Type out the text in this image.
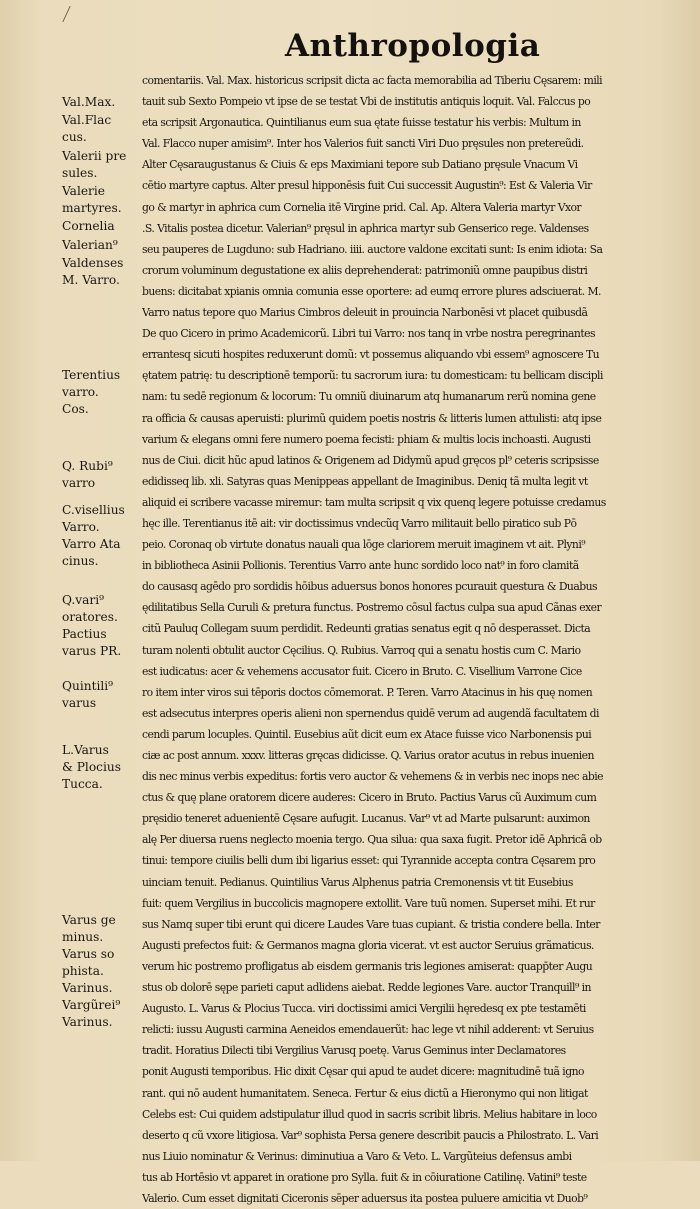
Anthropologia
Val.Max.
Val.Flac
cus.
Valerii pre
sules.
Valerie
martyres.
Cornelia
Valerian⁹
Valdenses
M. Varro.
Terentius
varro.
Cos.
Q. Rubi⁹
varro
C.visellius
Varro.
Varro Ata
cinus.
Q.vari⁹
oratores.
Pactius
varus PR.
Quintili⁹
varus
L.Varus
& Plocius
Tucca.
Varus ge
minus.
Varus so
phista.
Varinus.
Vargũrei⁹
Varinus.
comentariis. Val. Max. historicus scripsit dicta ac facta memorabilia ad Tiberiu Cęsarem: mili
tauit sub Sexto Pompeio vt ipse de se testat Vbi de institutis antiquis loquit. Val. Falccus po
eta scripsit Argonautica. Quintilianus eum sua ętate fuisse testatur his verbis: Multum in
Val. Flacco nuper amisim⁹. Inter hos Valerios fuit sancti Viri Duo pręsules non pretereũdi.
Alter Cęsaraugustanus & Ciuis & eps Maximiani tepore sub Datiano pręsule Vnacum Vi
cētio martyre captus. Alter presul hipponēsis fuit Cui successit Augustin⁹: Est & Valeria Vir
go & martyr in aphrica cum Cornelia itē Virgine prid. Cal. Ap. Altera Valeria martyr Vxor
.S. Vitalis postea dicetur. Valerian⁹ pręsul in aphrica martyr sub Genserico rege. Valdenses
seu pauperes de Lugduno: sub Hadriano. iiii. auctore valdone excitati sunt: Is enim idiota: Sa
crorum voluminum degustatione ex aliis deprehenderat: patrimoniũ omne paupibus distri
buens: dicitabat xpianis omnia comunia esse oportere: ad eumq errore plures adsciuerat. M.
Varro natus tepore quo Marius Cimbros deleuit in prouincia Narbonēsi vt placet quibusdã
De quo Cicero in primo Academicorũ. Libri tui Varro: nos tanq in vrbe nostra peregrinantes
errantesq sicuti hospites reduxerunt domũ: vt possemus aliquando vbi essem⁹ agnoscere Tu
ętatem patrię: tu descriptionē temporũ: tu sacrorum iura: tu domesticam: tu bellicam discipli
nam: tu sedē regionum & locorum: Tu omniũ diuinarum atq humanarum rerũ nomina gene
ra officia & causas aperuisti: plurimũ quidem poetis nostris & litteris lumen attulisti: atq ipse
varium & elegans omni fere numero poema fecisti: phiam & multis locis inchoasti. Augusti
nus de Ciui. dicit hũc apud latinos & Origenem ad Didymũ apud gręcos pl⁹ ceteris scripsisse
edidisseq lib. xli. Satyras quas Menippeas appellant de Imaginibus. Deniq tã multa legit vt
aliquid ei scribere vacasse miremur: tam multa scripsit q vix quenq legere potuisse credamus
hęc ille. Terentianus itē ait: vir doctissimus vndecũq Varro militauit bello piratico sub Pō
peio. Coronaq ob virtute donatus nauali qua lōge clariorem meruit imaginem vt ait. Plyni⁹
in bibliotheca Asinii Pollionis. Terentius Varro ante hunc sordido loco nat⁹ in foro clamitã
do causasq agēdo pro sordidis hōibus aduersus bonos honores pcurauit questura & Duabus
ędilitatibus Sella Curuli & pretura functus. Postremo cōsul factus culpa sua apud Cãnas exer
citũ Pauluq Collegam suum perdidit. Redeunti gratias senatus egit q nō desperasset. Dicta
turam nolenti obtulit auctor Cęcilius. Q. Rubius. Varroq qui a senatu hostis cum C. Mario
est iudicatus: acer & vehemens accusator fuit. Cicero in Bruto. C. Visellium Varrone Cice
ro item inter viros sui tēporis doctos cōmemorat. P. Teren. Varro Atacinus in his quę nomen
est adsecutus interpres operis alieni non spernendus quidē verum ad augendã facultatem di
cendi parum locuples. Quintil. Eusebius aũt dicit eum ex Atace fuisse vico Narbonensis pui
ciæ ac post annum. xxxv. litteras gręcas didicisse. Q. Varius orator acutus in rebus inuenien
dis nec minus verbis expeditus: fortis vero auctor & vehemens & in verbis nec inops nec abie
ctus & quę plane oratorem dicere auderes: Cicero in Bruto. Pactius Varus cũ Auximum cum
pręsidio teneret aduenientē Cęsare aufugit. Lucanus. Var⁹ vt ad Marte pulsarunt: auximon
alę Per diuersa ruens neglecto moenia tergo. Qua silua: qua saxa fugit. Pretor idē Aphricã ob
tinui: tempore ciuilis belli dum ibi ligarius esset: qui Tyrannide accepta contra Cęsarem pro
uinciam tenuit. Pedianus. Quintilius Varus Alphenus patria Cremonensis vt tit Eusebius
fuit: quem Vergilius in buccolicis magnopere extollit. Vare tuũ nomen. Superset mihi. Et rur
sus Namq super tibi erunt qui dicere Laudes Vare tuas cupiant. & tristia condere bella. Inter
Augusti prefectos fuit: & Germanos magna gloria vicerat. vt est auctor Seruius grãmaticus.
verum hic postremo profligatus ab eisdem germanis tris legiones amiserat: quapp̄ter Augu
stus ob dolorē sępe parieti caput adlidens aiebat. Redde legiones Vare. auctor Tranquill⁹ in
Augusto. L. Varus & Plocius Tucca. viri doctissimi amici Vergilii hęredesq ex pte testamēti
relicti: iussu Augusti carmina Aeneidos emendauerũt: hac lege vt nihil adderent: vt Seruius
tradit. Horatius Dilecti tibi Vergilius Varusq poetę. Varus Geminus inter Declamatores
ponit Augusti temporibus. Hic dixit Cęsar qui apud te audet dicere: magnitudinē tuã igno
rant. qui nō audent humanitatem. Seneca. Fertur & eius dictũ a Hieronymo qui non litigat
Celebs est: Cui quidem adstipulatur illud quod in sacris scribit libris. Melius habitare in loco
deserto q cũ vxore litigiosa. Var⁹ sophista Persa genere describit paucis a Philostrato. L. Vari
nus Liuio nominatur & Verinus: diminutiua a Varo & Veto. L. Vargũteius defensus ambi
tus ab Hortēsio vt apparet in oratione pro Sylla. fuit & in cōiuratione Catilinę. Vatini⁹ teste
Valerio. Cum esset dignitati Ciceronis sēper aduersus ita postea puluere amicitia vt Duob⁹
